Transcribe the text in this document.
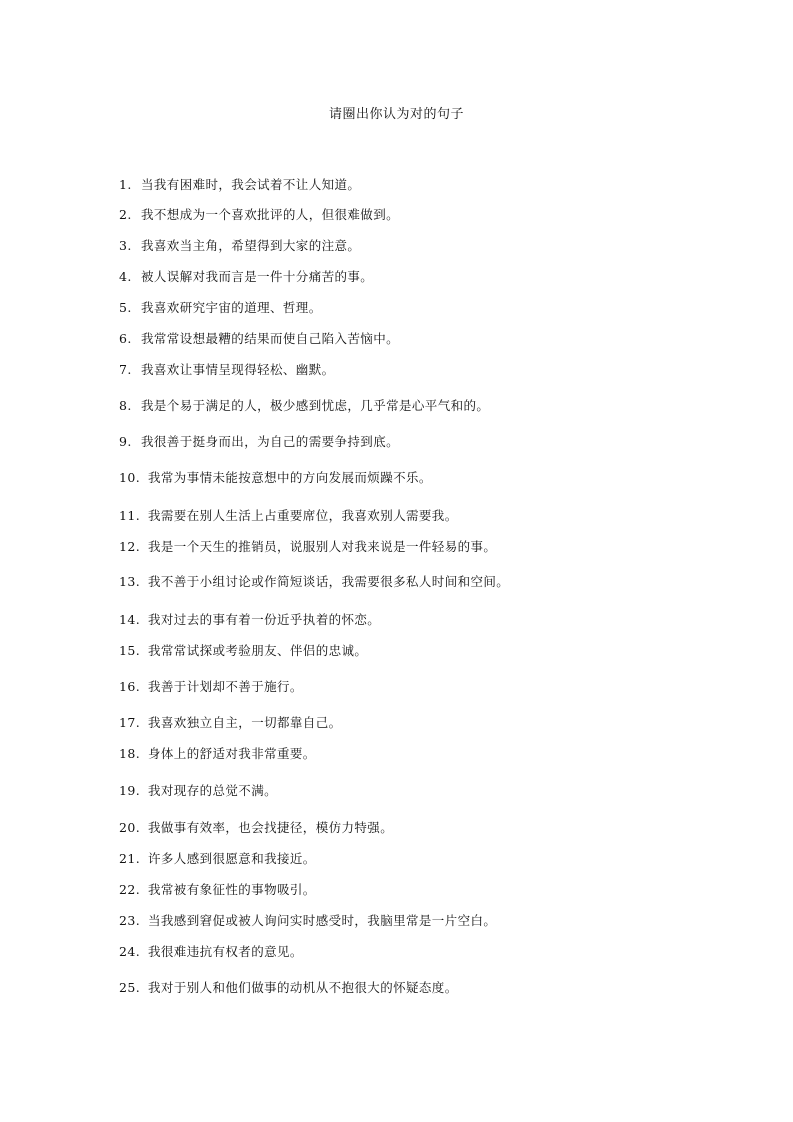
请圈出你认为对的句子
1. 当我有困难时，我会试着不让人知道。
2. 我不想成为一个喜欢批评的人，但很难做到。
3. 我喜欢当主角，希望得到大家的注意。
4. 被人误解对我而言是一件十分痛苦的事。
5. 我喜欢研究宇宙的道理、哲理。
6. 我常常设想最糟的结果而使自己陷入苦恼中。
7. 我喜欢让事情呈现得轻松、幽默。
8. 我是个易于满足的人，极少感到忧虑，几乎常是心平气和的。
9. 我很善于挺身而出，为自己的需要争持到底。
10. 我常为事情未能按意想中的方向发展而烦躁不乐。
11. 我需要在别人生活上占重要席位，我喜欢别人需要我。
12. 我是一个天生的推销员，说服别人对我来说是一件轻易的事。
13. 我不善于小组讨论或作简短谈话，我需要很多私人时间和空间。
14. 我对过去的事有着一份近乎执着的怀恋。
15. 我常常试探或考验朋友、伴侣的忠诚。
16. 我善于计划却不善于施行。
17. 我喜欢独立自主，一切都靠自己。
18. 身体上的舒适对我非常重要。
19. 我对现存的总觉不满。
20. 我做事有效率，也会找捷径，模仿力特强。
21. 许多人感到很愿意和我接近。
22. 我常被有象征性的事物吸引。
23. 当我感到窘促或被人询问实时感受时，我脑里常是一片空白。
24. 我很难违抗有权者的意见。
25. 我对于别人和他们做事的动机从不抱很大的怀疑态度。
